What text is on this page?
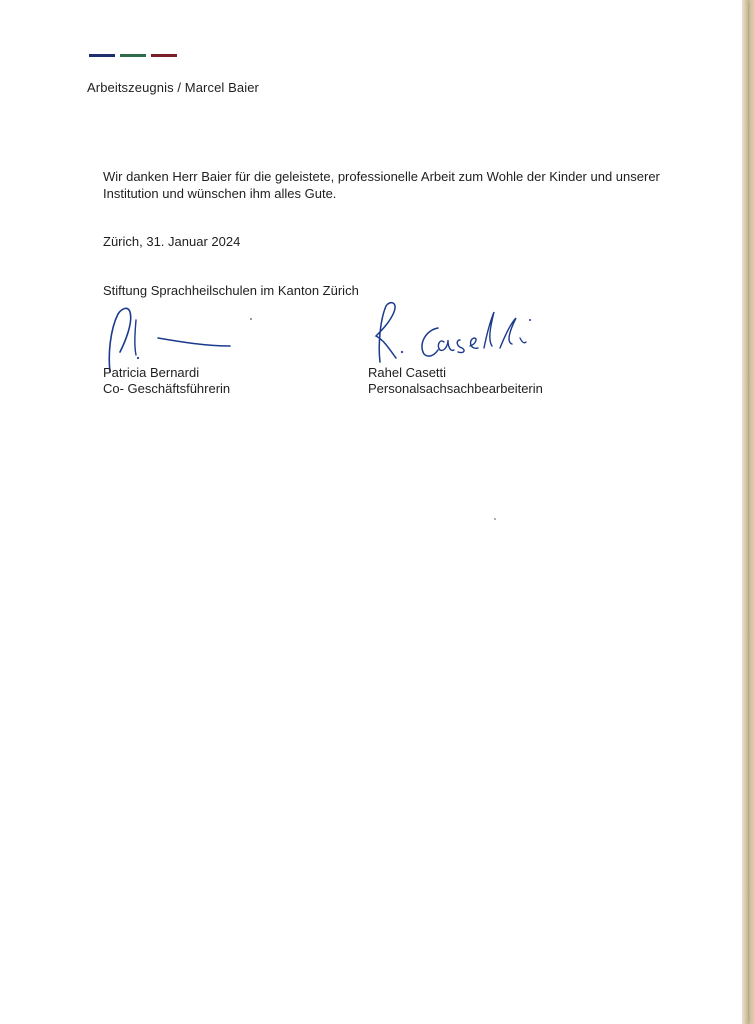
Arbeitszeugnis / Marcel Baier
Wir danken Herr Baier für die geleistete, professionelle Arbeit zum Wohle der Kinder und unserer Institution und wünschen ihm alles Gute.
Zürich, 31. Januar 2024
Stiftung Sprachheilschulen im Kanton Zürich
Patricia Bernardi
Co- Geschäftsführerin
Rahel Casetti
Personalsachsachbearbeiterin
